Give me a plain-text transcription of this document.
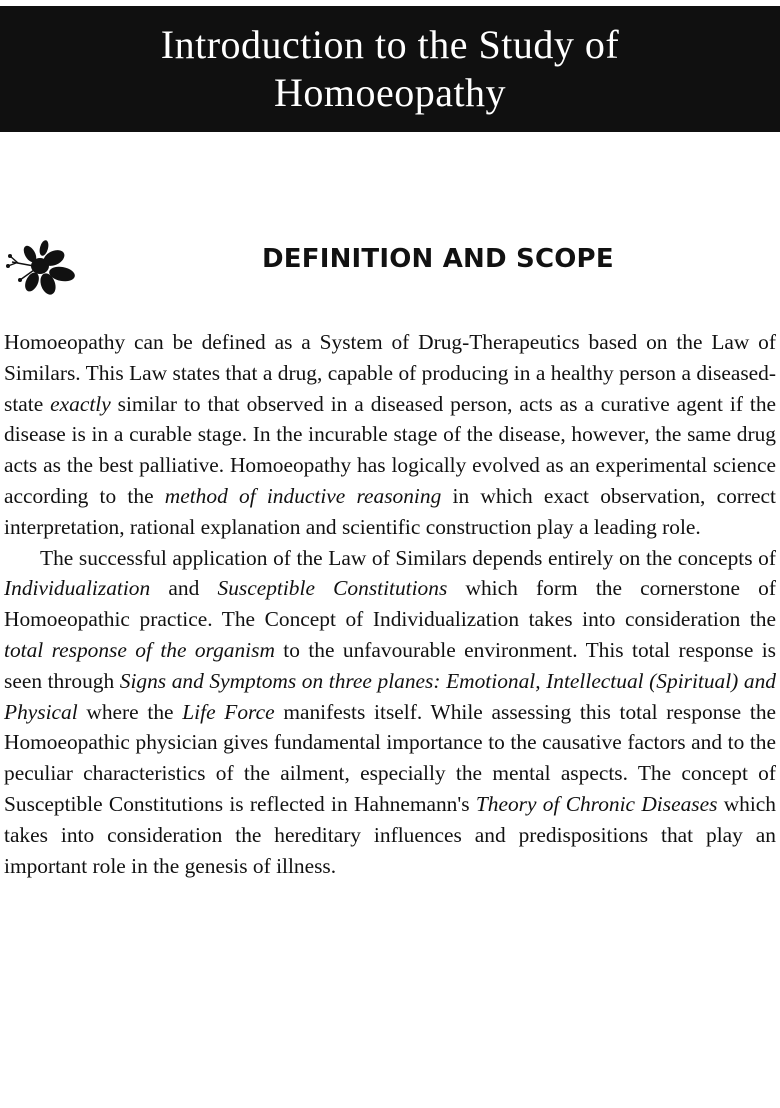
Introduction to the Study of
Homoeopathy
DEFINITION AND SCOPE

Homoeopathy can be defined as a System of Drug-Therapeutics based on the Law of Similars. This Law states that a drug, capable of producing in a healthy person a diseased-state exactly similar to that observed in a diseased person, acts as a curative agent if the disease is in a curable stage. In the incurable stage of the disease, however, the same drug acts as the best palliative. Homoeopathy has logically evolved as an experimental science according to the method of inductive reasoning in which exact observation, correct interpretation, rational explanation and scientific construction play a leading role.

The successful application of the Law of Similars depends entirely on the concepts of Individualization and Susceptible Constitutions which form the cornerstone of Homoeopathic practice. The Concept of Individualization takes into consideration the total response of the organism to the unfavourable environment. This total response is seen through Signs and Symptoms on three planes: Emotional, Intellectual (Spiritual) and Physical where the Life Force manifests itself. While assessing this total response the Homoeopathic physician gives fundamental importance to the causative factors and to the peculiar characteristics of the ailment, especially the mental aspects. The concept of Susceptible Constitutions is reflected in Hahnemann's Theory of Chronic Diseases which takes into consideration the hereditary influences and predispositions that play an important role in the genesis of illness.
